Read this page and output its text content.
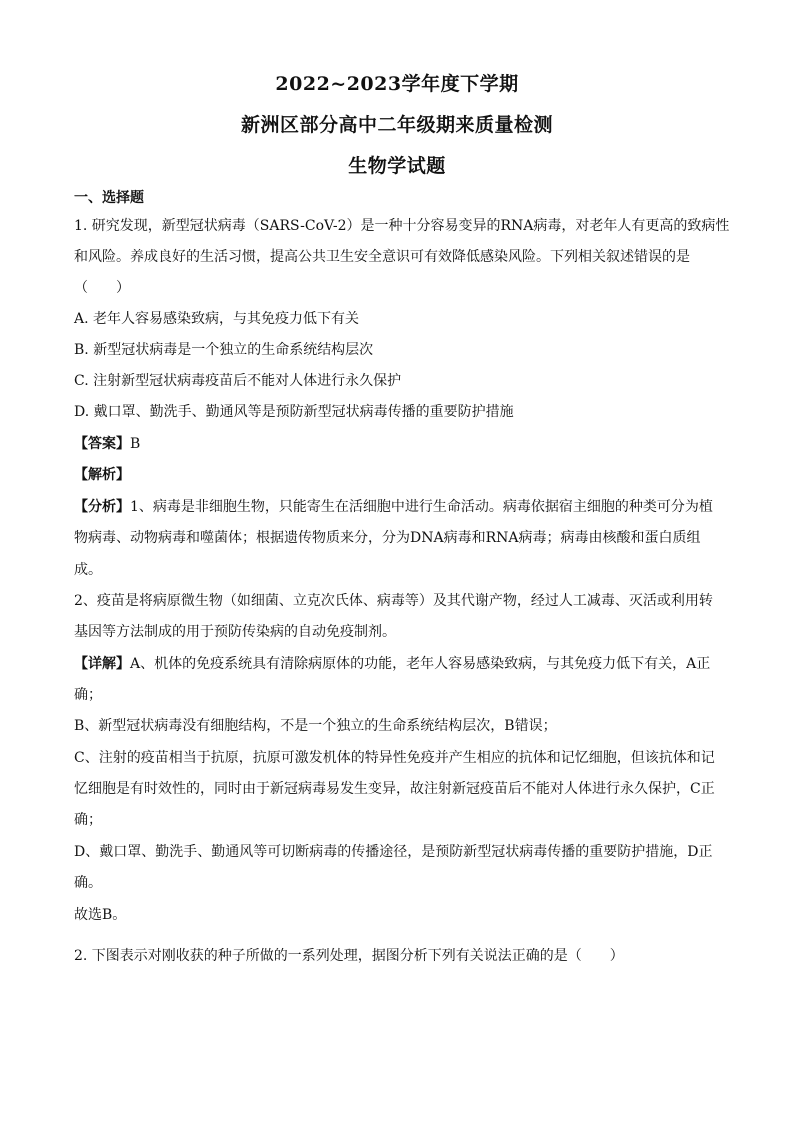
2022~2023学年度下学期
新洲区部分高中二年级期来质量检测
生物学试题
一、选择题
1. 研究发现，新型冠状病毒（SARS-CoV-2）是一种十分容易变异的RNA病毒，对老年人有更高的致病性
和风险。养成良好的生活习惯，提高公共卫生安全意识可有效降低感染风险。下列相关叙述错误的是
（　　）
A. 老年人容易感染致病，与其免疫力低下有关
B. 新型冠状病毒是一个独立的生命系统结构层次
C. 注射新型冠状病毒疫苗后不能对人体进行永久保护
D. 戴口罩、勤洗手、勤通风等是预防新型冠状病毒传播的重要防护措施
【答案】B
【解析】
【分析】1、病毒是非细胞生物，只能寄生在活细胞中进行生命活动。病毒依据宿主细胞的种类可分为植
物病毒、动物病毒和噬菌体；根据遗传物质来分，分为DNA病毒和RNA病毒；病毒由核酸和蛋白质组
成。
2、疫苗是将病原微生物（如细菌、立克次氏体、病毒等）及其代谢产物，经过人工减毒、灭活或利用转
基因等方法制成的用于预防传染病的自动免疫制剂。
【详解】A、机体的免疫系统具有清除病原体的功能，老年人容易感染致病，与其免疫力低下有关，A正
确；
B、新型冠状病毒没有细胞结构，不是一个独立的生命系统结构层次，B错误；
C、注射的疫苗相当于抗原，抗原可激发机体的特异性免疫并产生相应的抗体和记忆细胞，但该抗体和记
忆细胞是有时效性的，同时由于新冠病毒易发生变异，故注射新冠疫苗后不能对人体进行永久保护，C正
确；
D、戴口罩、勤洗手、勤通风等可切断病毒的传播途径，是预防新型冠状病毒传播的重要防护措施，D正
确。
故选B。
2. 下图表示对刚收获的种子所做的一系列处理，据图分析下列有关说法正确的是（　　）
